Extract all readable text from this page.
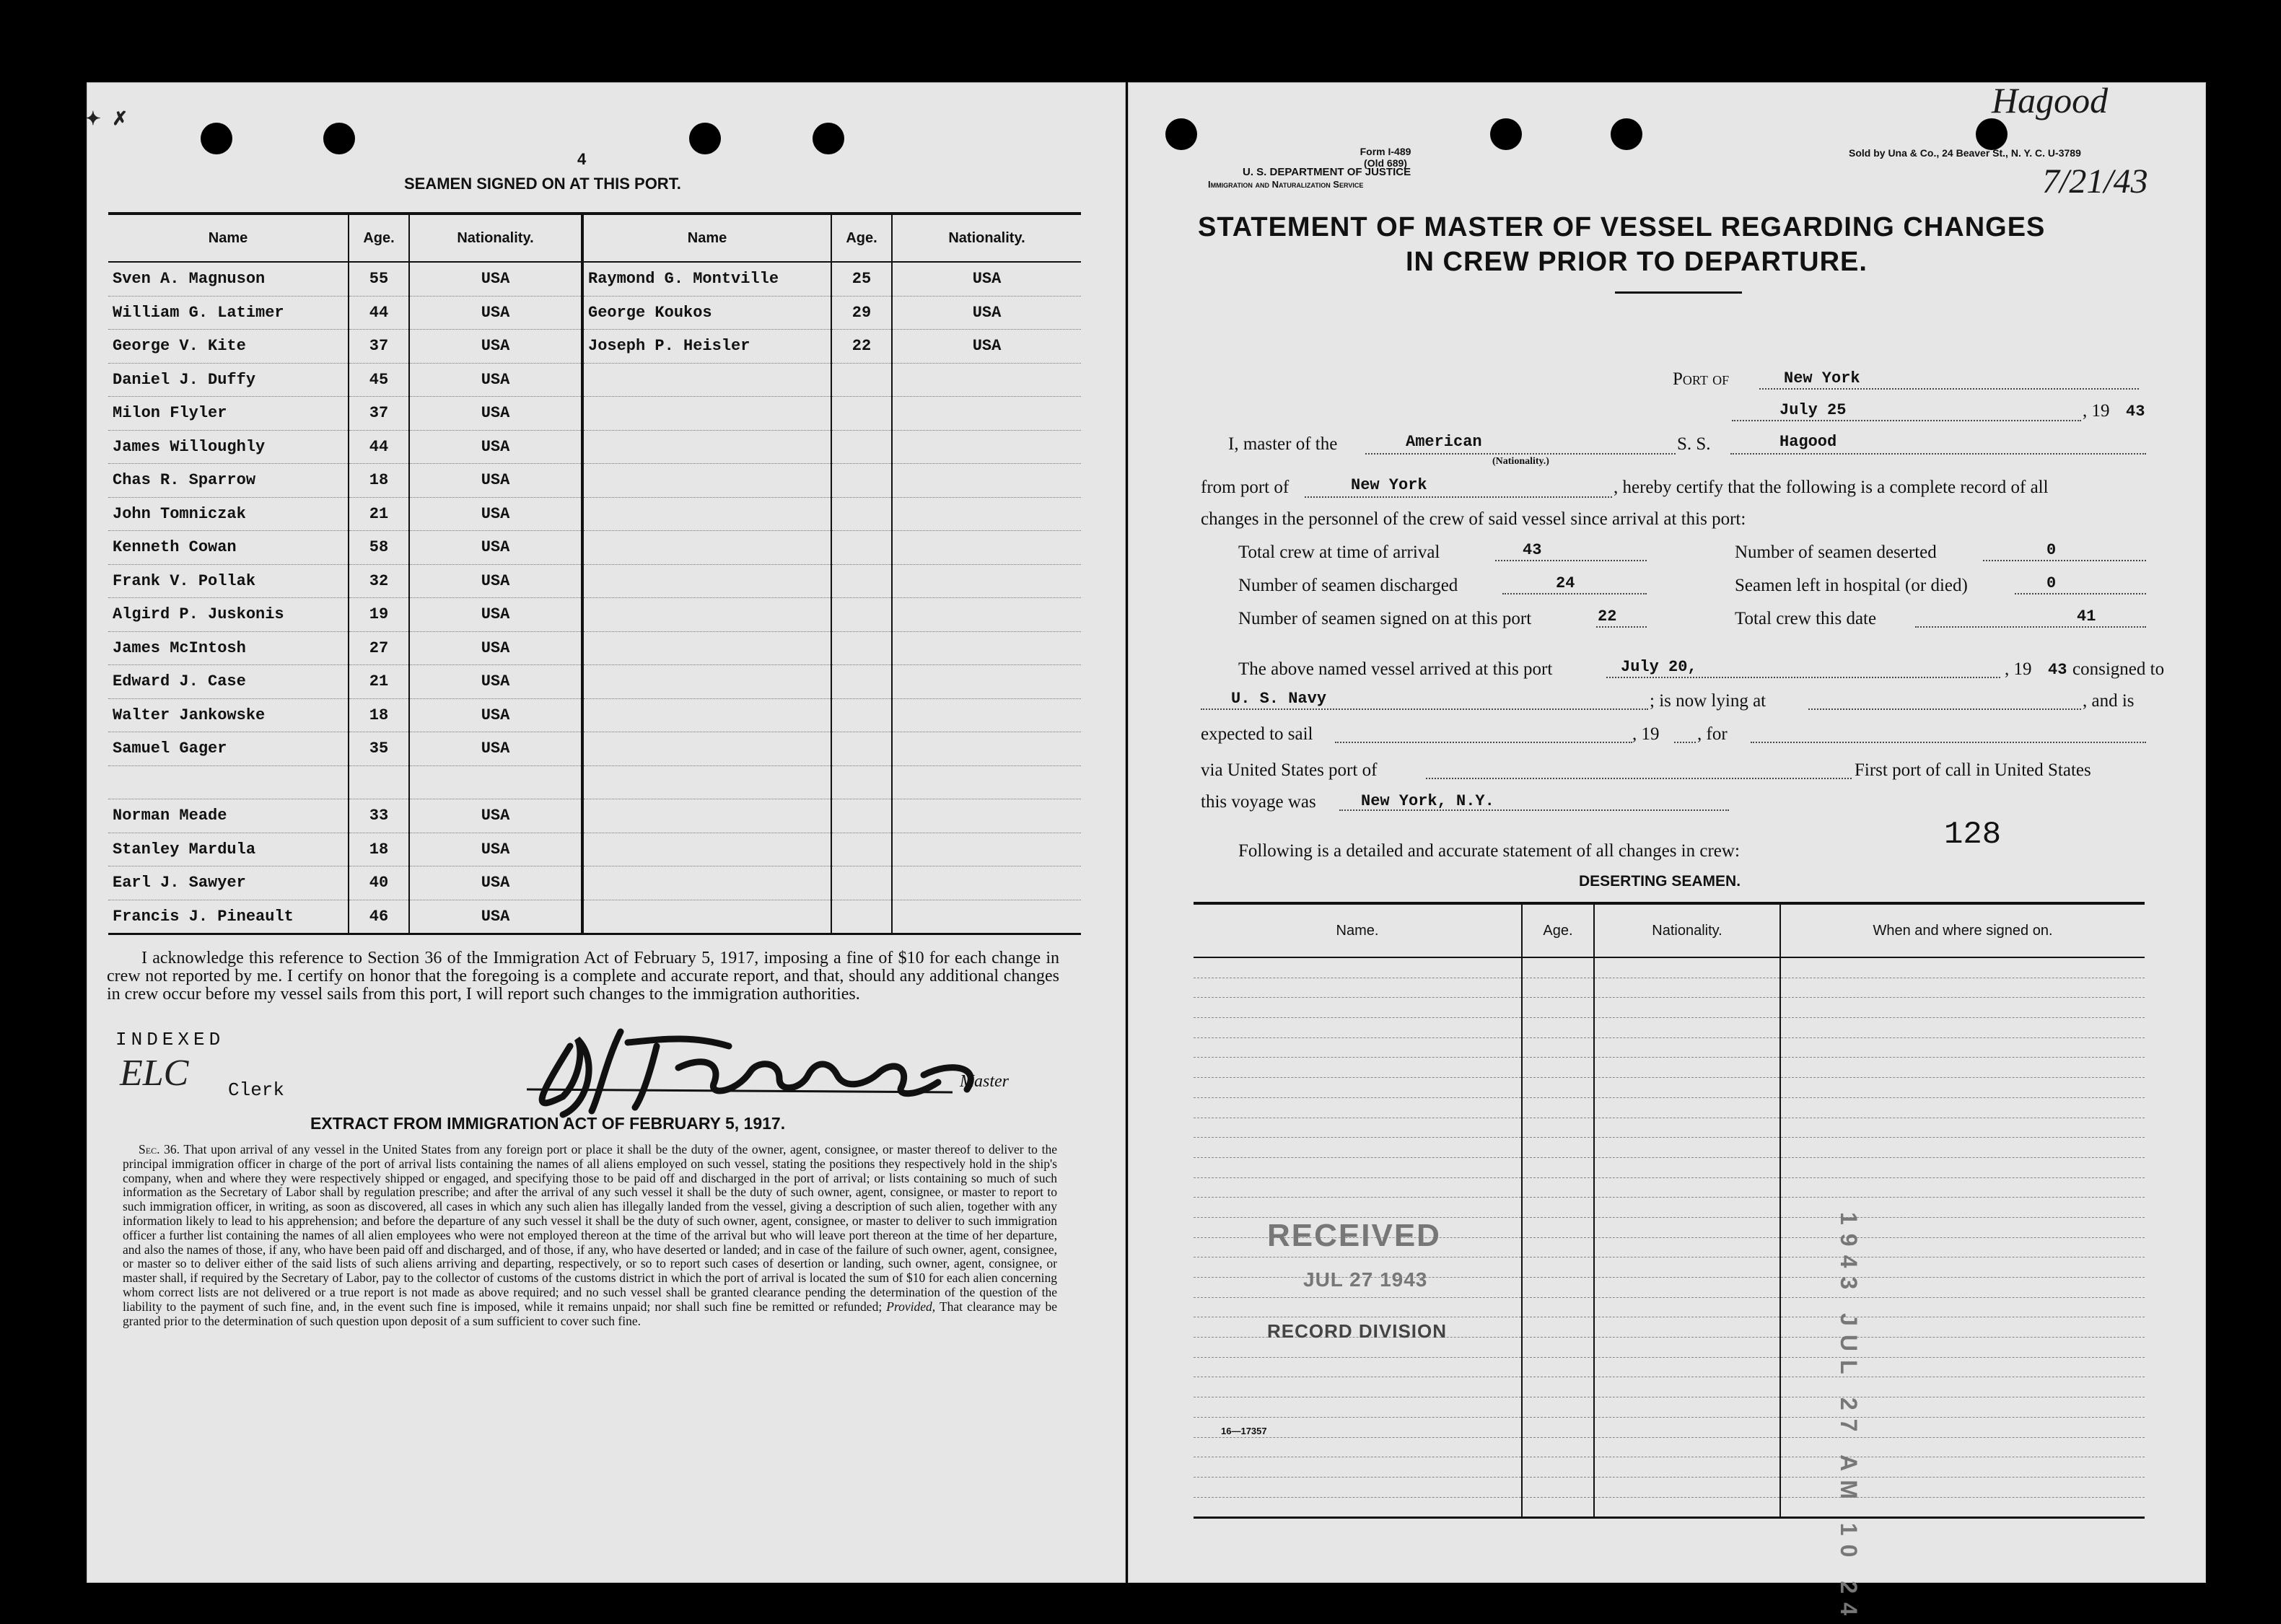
✦ ✗
4
SEAMEN SIGNED ON AT THIS PORT.
Name	Age.	Nationality.	Name	Age.	Nationality.
Sven A. Magnuson	55	USA	Raymond G. Montville	25	USA
William G. Latimer	44	USA	George Koukos	29	USA
George V. Kite	37	USA	Joseph P. Heisler	22	USA
Daniel J. Duffy	45	USA			
Milon Flyler	37	USA			
James Willoughly	44	USA			
Chas R. Sparrow	18	USA			
John Tomniczak	21	USA			
Kenneth Cowan	58	USA			
Frank V. Pollak	32	USA			
Algird P. Juskonis	19	USA			
James McIntosh	27	USA			
Edward J. Case	21	USA			
Walter Jankowske	18	USA			
Samuel Gager	35	USA			

Norman Meade	33	USA			
Stanley Mardula	18	USA			
Earl J. Sawyer	40	USA			
Francis J. Pineault	46	USA			
I acknowledge this reference to Section 36 of the Immigration Act of February 5, 1917, imposing a fine of $10 for each change in crew not reported by me. I certify on honor that the foregoing is a complete and accurate report, and that, should any additional changes in crew occur before my vessel sails from this port, I will report such changes to the immigration authorities.
INDEXED
ELC Clerk	Master
EXTRACT FROM IMMIGRATION ACT OF FEBRUARY 5, 1917.
Sec. 36. That upon arrival of any vessel in the United States from any foreign port or place it shall be the duty of the owner, agent, consignee, or master thereof to deliver to the principal immigration officer in charge of the port of arrival lists containing the names of all aliens employed on such vessel, stating the positions they respectively hold in the ship's company, when and where they were respectively shipped or engaged, and specifying those to be paid off and discharged in the port of arrival; or lists containing so much of such information as the Secretary of Labor shall by regulation prescribe; and after the arrival of any such vessel it shall be the duty of such owner, agent, consignee, or master to report to such immigration officer, in writing, as soon as discovered, all cases in which any such alien has illegally landed from the vessel, giving a description of such alien, together with any information likely to lead to his apprehension; and before the departure of any such vessel it shall be the duty of such owner, agent, consignee, or master to deliver to such immigration officer a further list containing the names of all alien employees who were not employed thereon at the time of the arrival but who will leave port thereon at the time of her departure, and also the names of those, if any, who have been paid off and discharged, and of those, if any, who have deserted or landed; and in case of the failure of such owner, agent, consignee, or master so to deliver either of the said lists of such aliens arriving and departing, respectively, or so to report such cases of desertion or landing, such owner, agent, consignee, or master shall, if required by the Secretary of Labor, pay to the collector of customs of the customs district in which the port of arrival is located the sum of $10 for each alien concerning whom correct lists are not delivered or a true report is not made as above required; and no such vessel shall be granted clearance pending the determination of the question of the liability to the payment of such fine, and, in the event such fine is imposed, while it remains unpaid; nor shall such fine be remitted or refunded; Provided, That clearance may be granted prior to the determination of such question upon deposit of a sum sufficient to cover such fine.
Form I-489
(Old 689)
U. S. DEPARTMENT OF JUSTICE
Immigration and Naturalization Service
Sold by Una & Co., 24 Beaver St., N. Y. C. U-3789
Hagood
7/21/43
STATEMENT OF MASTER OF VESSEL REGARDING CHANGES
IN CREW PRIOR TO DEPARTURE.
Port of	New York
July 25	, 19 43
I, master of the	American
(Nationality.)
S. S.	Hagood
from port of	New York	, hereby certify that the following is a complete record of all
changes in the personnel of the crew of said vessel since arrival at this port:
Total crew at time of arrival	43	Number of seamen deserted	0
Number of seamen discharged	24	Seamen left in hospital (or died)	0
Number of seamen signed on at this port	22	Total crew this date	41
The above named vessel arrived at this port	July 20,	, 19 43 consigned to
U. S. Navy	; is now lying at	, and is
expected to sail	, 19 , for
via United States port of	First port of call in United States
this voyage was	New York, N.Y.
Following is a detailed and accurate statement of all changes in crew:	128
DESERTING SEAMEN.
Name.	Age.	Nationality.	When and where signed on.

RECEIVED
JUL 27 1943
RECORD DIVISION	1943 JUL 27 AM 10 24
16—17357
